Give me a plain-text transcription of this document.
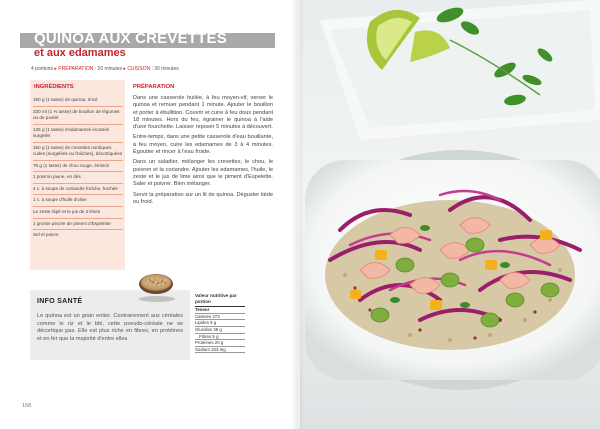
QUINOA AUX CREVETTES
et aux edamames
4 portions ▸ PRÉPARATION : 20 minutes ▸ CUISSON : 30 minutes
INGRÉDIENTS
190 g (1 tasse) de quinoa, rincé
330 ml (1 ⅓ tasse) de bouillon de légumes ou de poulet
125 g (1 tasse) d'edamames écossés surgelés
150 g (1 tasse) de crevettes nordiques cuites (surgelées ou fraîches), décortiquées
75 g (1 tasse) de chou rouge, émincé
1 poivron jaune, en dés
4 c. à soupe de coriandre fraîche, hachée
1 c. à soupe d'huile d'olive
Le zeste râpé et le jus de 2 limes
1 grosse pincée de piment d'Espelette
Sel et poivre
PRÉPARATION

Dans une casserole huilée, à feu moyen-vif, verser le quinoa et remuer pendant 1 minute. Ajouter le bouillon et porter à ébullition. Couvrir et cuire à feu doux pendant 18 minutes. Hors du feu, égrainer le quinoa à l'aide d'une fourchette. Laisser reposer 5 minutes à découvert.

Entre-temps, dans une petite casserole d'eau bouillante, à feu moyen, cuire les edamames de 3 à 4 minutes. Égoutter et rincer à l'eau froide.

Dans un saladier, mélanger les crevettes, le chou, le poivron et la coriandre. Ajouter les edamames, l'huile, le zeste et le jus de lime ainsi que le piment d'Espelette. Saler et poivrer. Bien mélanger.

Servir la préparation sur un lit de quinoa. Déguster tiède ou froid.

INFO SANTÉ

Le quinoa est un grain entier. Contrairement aux céréales comme le riz et le blé, cette pseudo-céréale ne se décortique pas. Elle est plus riche en fibres, en protéines et en fer que la majorité d'entre elles.

Valeur nutritive par portion
Teneur
Calories 273
Lipides 5 g
Glucides 38 g
Fibres 5 g
Protéines 20 g
Sodium 333 mg
158
